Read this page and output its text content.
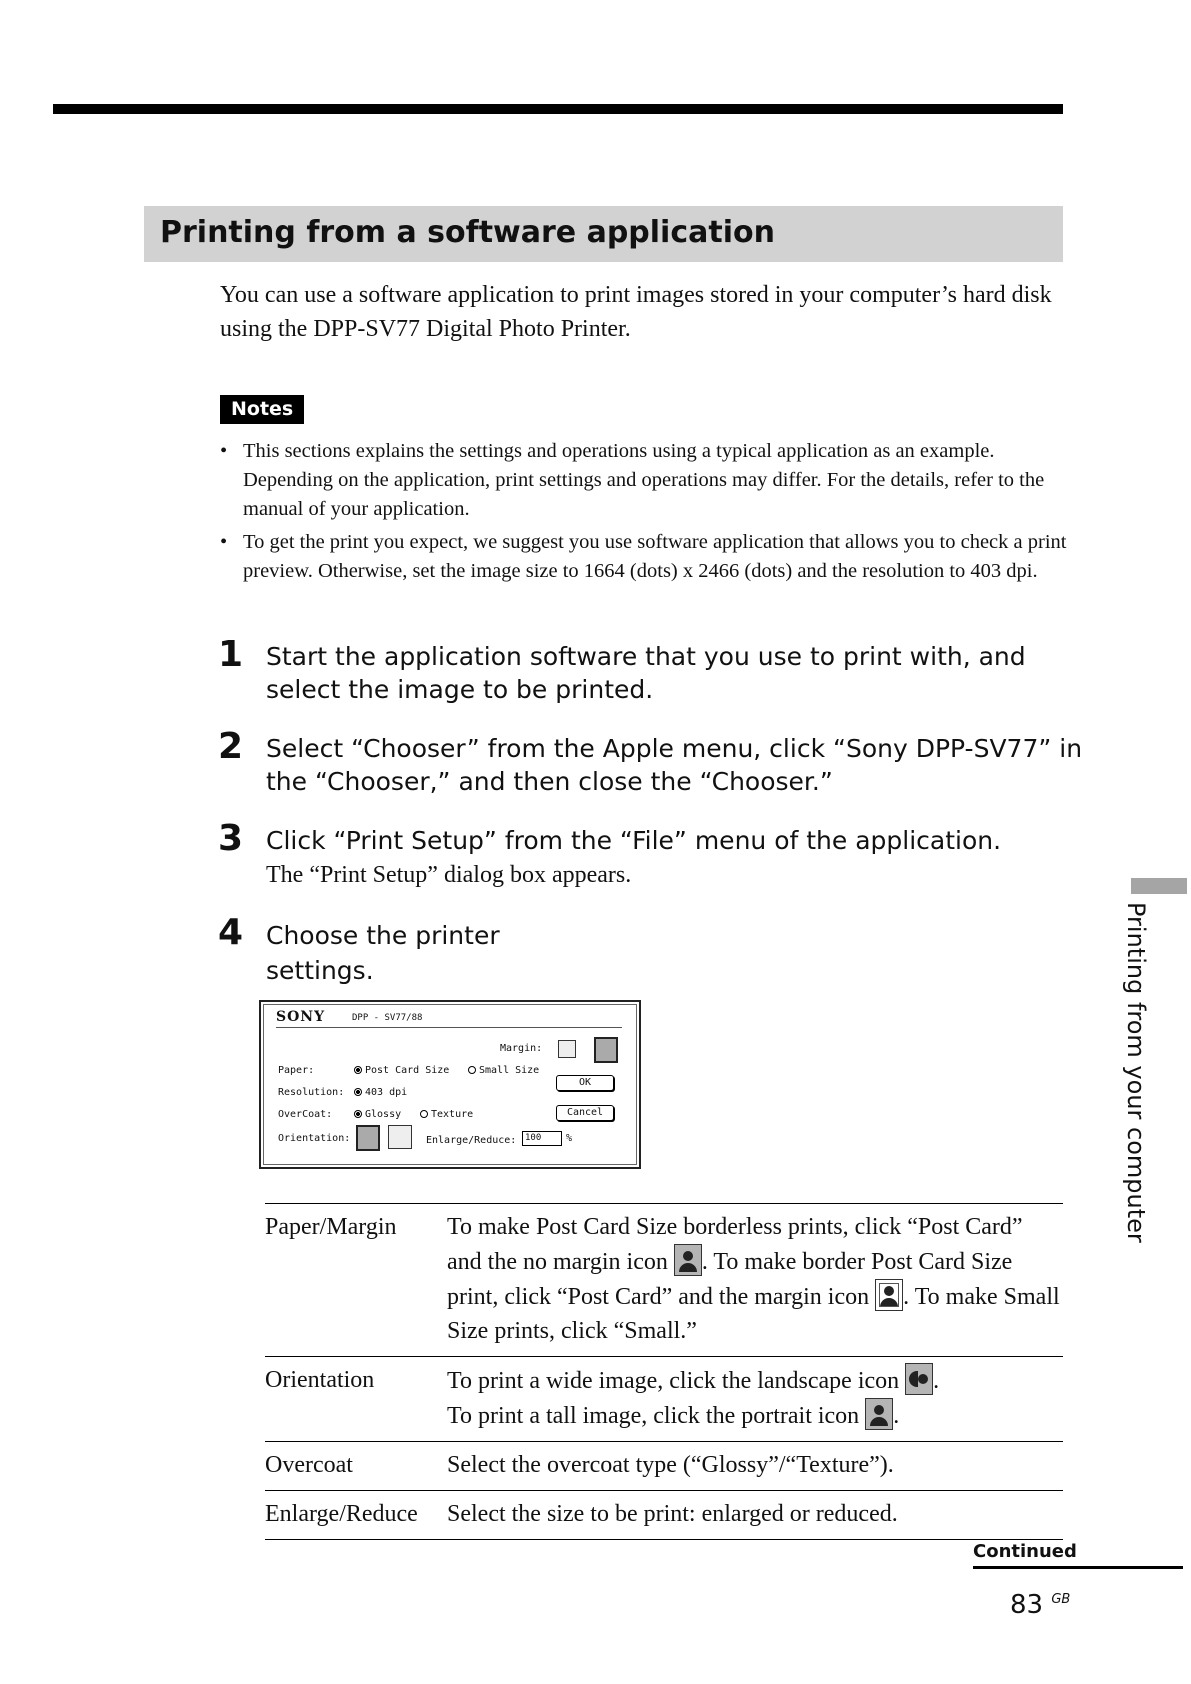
Printing from a software application
You can use a software application to print images stored in your computer’s hard disk using the DPP-SV77 Digital Photo Printer.
Notes
• This sections explains the settings and operations using a typical application as an example. Depending on the application, print settings and operations may differ. For the details, refer to the manual of your application.
• To get the print you expect, we suggest you use software application that allows you to check a print preview. Otherwise, set the image size to 1664 (dots) x 2466 (dots) and the resolution to 403 dpi.
1 Start the application software that you use to print with, and select the image to be printed.
2 Select “Chooser” from the Apple menu, click “Sony DPP-SV77” in the “Chooser,” and then close the “Chooser.”
3 Click “Print Setup” from the “File” menu of the application.
The “Print Setup” dialog box appears.
4 Choose the printer settings.
SONY	DPP - SV77/88
Margin:
Paper:	Post Card Size	Small Size
OK
Resolution:	403 dpi
Cancel
OverCoat:	Glossy	Texture
Orientation:	Enlarge/Reduce: 100	%
Paper/Margin	To make Post Card Size borderless prints, click “Post Card” and the no margin icon . To make border Post Card Size print, click “Post Card” and the margin icon . To make Small Size prints, click “Small.”
Orientation	To print a wide image, click the landscape icon .
To print a tall image, click the portrait icon .
Overcoat	Select the overcoat type (“Glossy”/“Texture”).
Enlarge/Reduce	Select the size to be print: enlarged or reduced.
Continued
83 $^{GB}$
Printing from your computer
